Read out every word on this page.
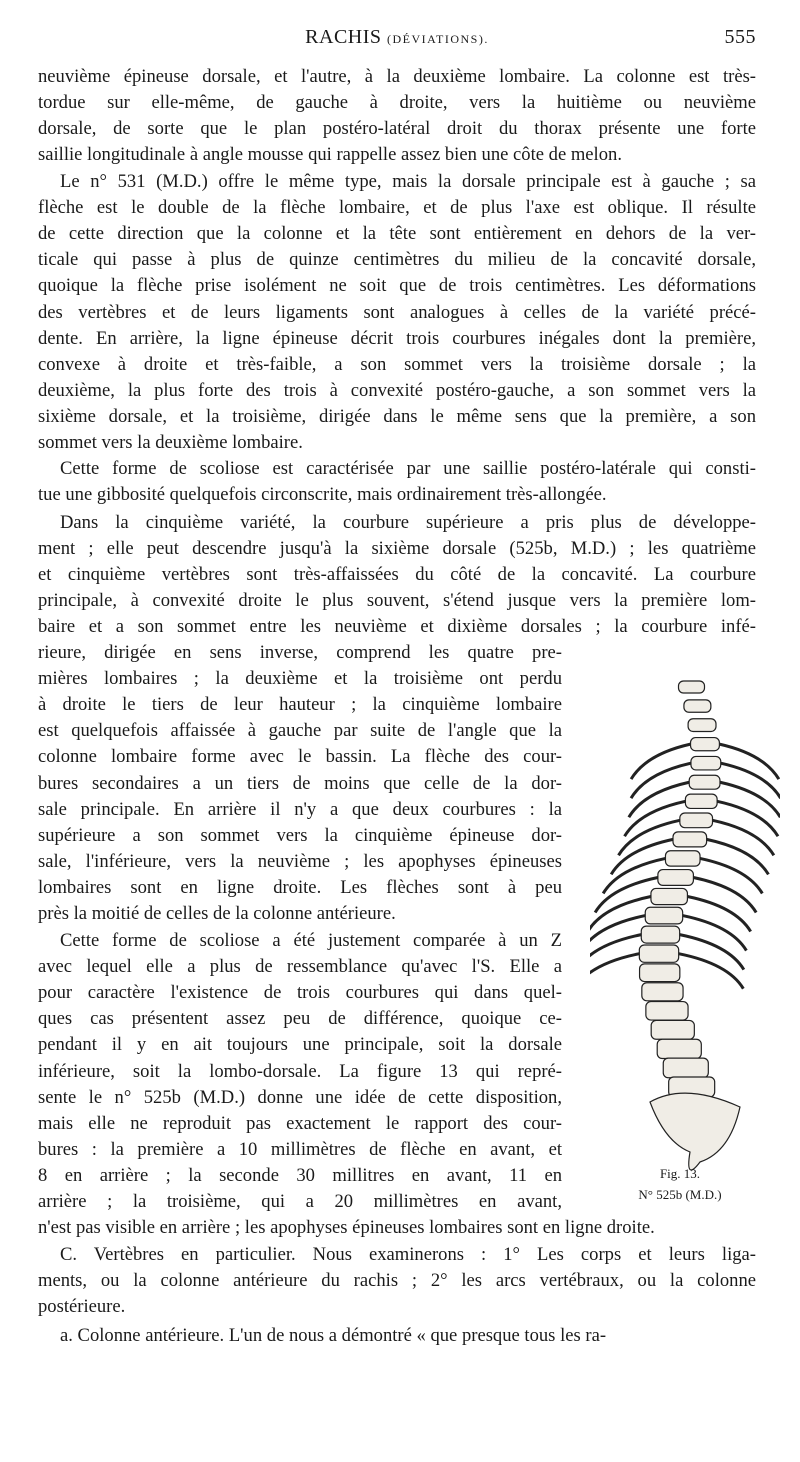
RACHIS (DÉVIATIONS).	555

neuvième épineuse dorsale, et l'autre, à la deuxième lombaire. La colonne est très-

tordue sur elle-même, de gauche à droite, vers la huitième ou neuvième

dorsale, de sorte que le plan postéro-latéral droit du thorax présente une forte

saillie longitudinale à angle mousse qui rappelle assez bien une côte de melon.

Le n° 531 (M.D.) offre le même type, mais la dorsale principale est à gauche ; sa

flèche est le double de la flèche lombaire, et de plus l'axe est oblique. Il résulte

de cette direction que la colonne et la tête sont entièrement en dehors de la ver-

ticale qui passe à plus de quinze centimètres du milieu de la concavité dorsale,

quoique la flèche prise isolément ne soit que de trois centimètres. Les déformations

des vertèbres et de leurs ligaments sont analogues à celles de la variété précé-

dente. En arrière, la ligne épineuse décrit trois courbures inégales dont la première,

convexe à droite et très-faible, a son sommet vers la troisième dorsale ; la

deuxième, la plus forte des trois à convexité postéro-gauche, a son sommet vers la

sixième dorsale, et la troisième, dirigée dans le même sens que la première, a son

sommet vers la deuxième lombaire.

Cette forme de scoliose est caractérisée par une saillie postéro-latérale qui consti-

tue une gibbosité quelquefois circonscrite, mais ordinairement très-allongée.

Dans la cinquième variété, la courbure supérieure a pris plus de développe-

ment ; elle peut descendre jusqu'à la sixième dorsale (525b, M.D.) ; les quatrième

et cinquième vertèbres sont très-affaissées du côté de la concavité. La courbure

principale, à convexité droite le plus souvent, s'étend jusque vers la première lom-

baire et a son sommet entre les neuvième et dixième dorsales ; la courbure infé-

rieure, dirigée en sens inverse, comprend les quatre pre-

mières lombaires ; la deuxième et la troisième ont perdu

à droite le tiers de leur hauteur ; la cinquième lombaire

est quelquefois affaissée à gauche par suite de l'angle que la

colonne lombaire forme avec le bassin. La flèche des cour-

bures secondaires a un tiers de moins que celle de la dor-

sale principale. En arrière il n'y a que deux courbures : la

supérieure a son sommet vers la cinquième épineuse dor-

sale, l'inférieure, vers la neuvième ; les apophyses épineuses

lombaires sont en ligne droite. Les flèches sont à peu

près la moitié de celles de la colonne antérieure.

Cette forme de scoliose a été justement comparée à un Z

avec lequel elle a plus de ressemblance qu'avec l'S. Elle a

pour caractère l'existence de trois courbures qui dans quel-

ques cas présentent assez peu de différence, quoique ce-

pendant il y en ait toujours une principale, soit la dorsale

inférieure, soit la lombo-dorsale. La figure 13 qui repré-

sente le n° 525b (M.D.) donne une idée de cette disposition,

mais elle ne reproduit pas exactement le rapport des cour-

bures : la première a 10 millimètres de flèche en avant, et

8 en arrière ; la seconde 30 millitres en avant, 11 en

arrière ; la troisième, qui a 20 millimètres en avant,

n'est pas visible en arrière ; les apophyses épineuses lombaires sont en ligne droite.

C. Vertèbres en particulier. Nous examinerons : 1° Les corps et leurs liga-

ments, ou la colonne antérieure du rachis ; 2° les arcs vertébraux, ou la colonne

postérieure.

a. Colonne antérieure. L'un de nous a démontré « que presque tous les ra-

Fig. 13.
N° 525b (M.D.)
